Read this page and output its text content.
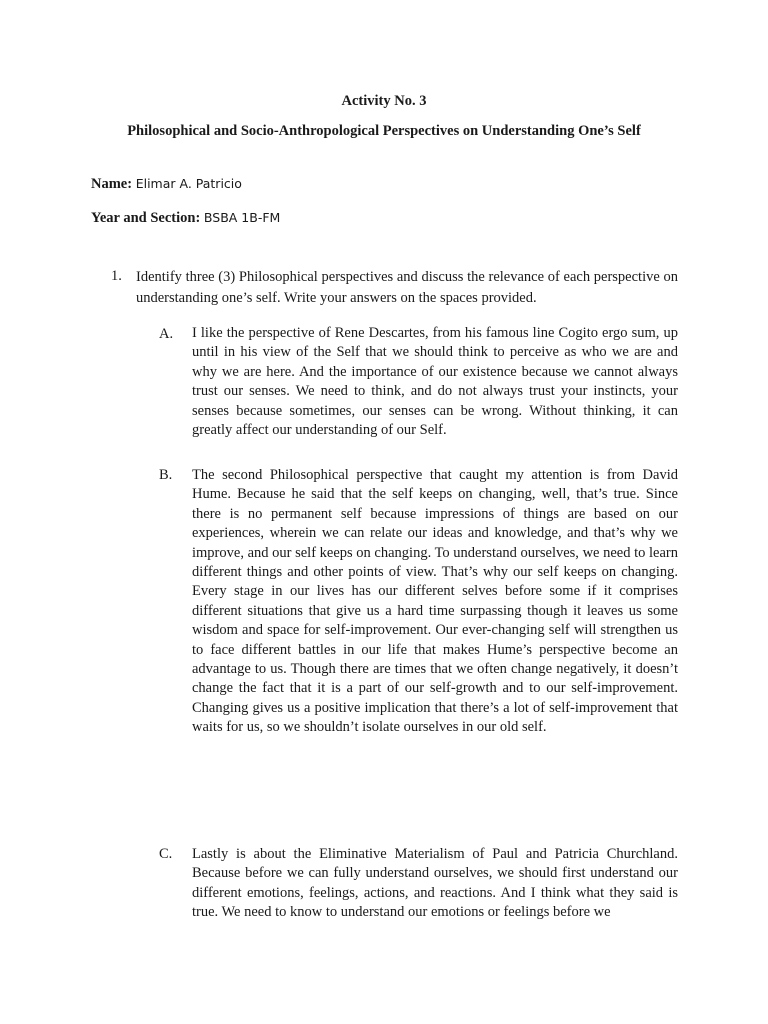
Activity No. 3
Philosophical and Socio-Anthropological Perspectives on Understanding One’s Self
Name: Elimar A. Patricio
Year and Section: BSBA 1B-FM
1. Identify three (3) Philosophical perspectives and discuss the relevance of each perspective on understanding one’s self. Write your answers on the spaces provided.
A. I like the perspective of Rene Descartes, from his famous line Cogito ergo sum, up until in his view of the Self that we should think to perceive as who we are and why we are here. And the importance of our existence because we cannot always trust our senses. We need to think, and do not always trust your instincts, your senses because sometimes, our senses can be wrong. Without thinking, it can greatly affect our understanding of our Self.
B. The second Philosophical perspective that caught my attention is from David Hume. Because he said that the self keeps on changing, well, that’s true. Since there is no permanent self because impressions of things are based on our experiences, wherein we can relate our ideas and knowledge, and that’s why we improve, and our self keeps on changing. To understand ourselves, we need to learn different things and other points of view. That’s why our self keeps on changing. Every stage in our lives has our different selves before some if it comprises different situations that give us a hard time surpassing though it leaves us some wisdom and space for self-improvement. Our ever-changing self will strengthen us to face different battles in our life that makes Hume’s perspective become an advantage to us. Though there are times that we often change negatively, it doesn’t change the fact that it is a part of our self-growth and to our self-improvement. Changing gives us a positive implication that there’s a lot of self-improvement that waits for us, so we shouldn’t isolate ourselves in our old self.
C. Lastly is about the Eliminative Materialism of Paul and Patricia Churchland. Because before we can fully understand ourselves, we should first understand our different emotions, feelings, actions, and reactions. And I think what they said is true. We need to know to understand our emotions or feelings before we
